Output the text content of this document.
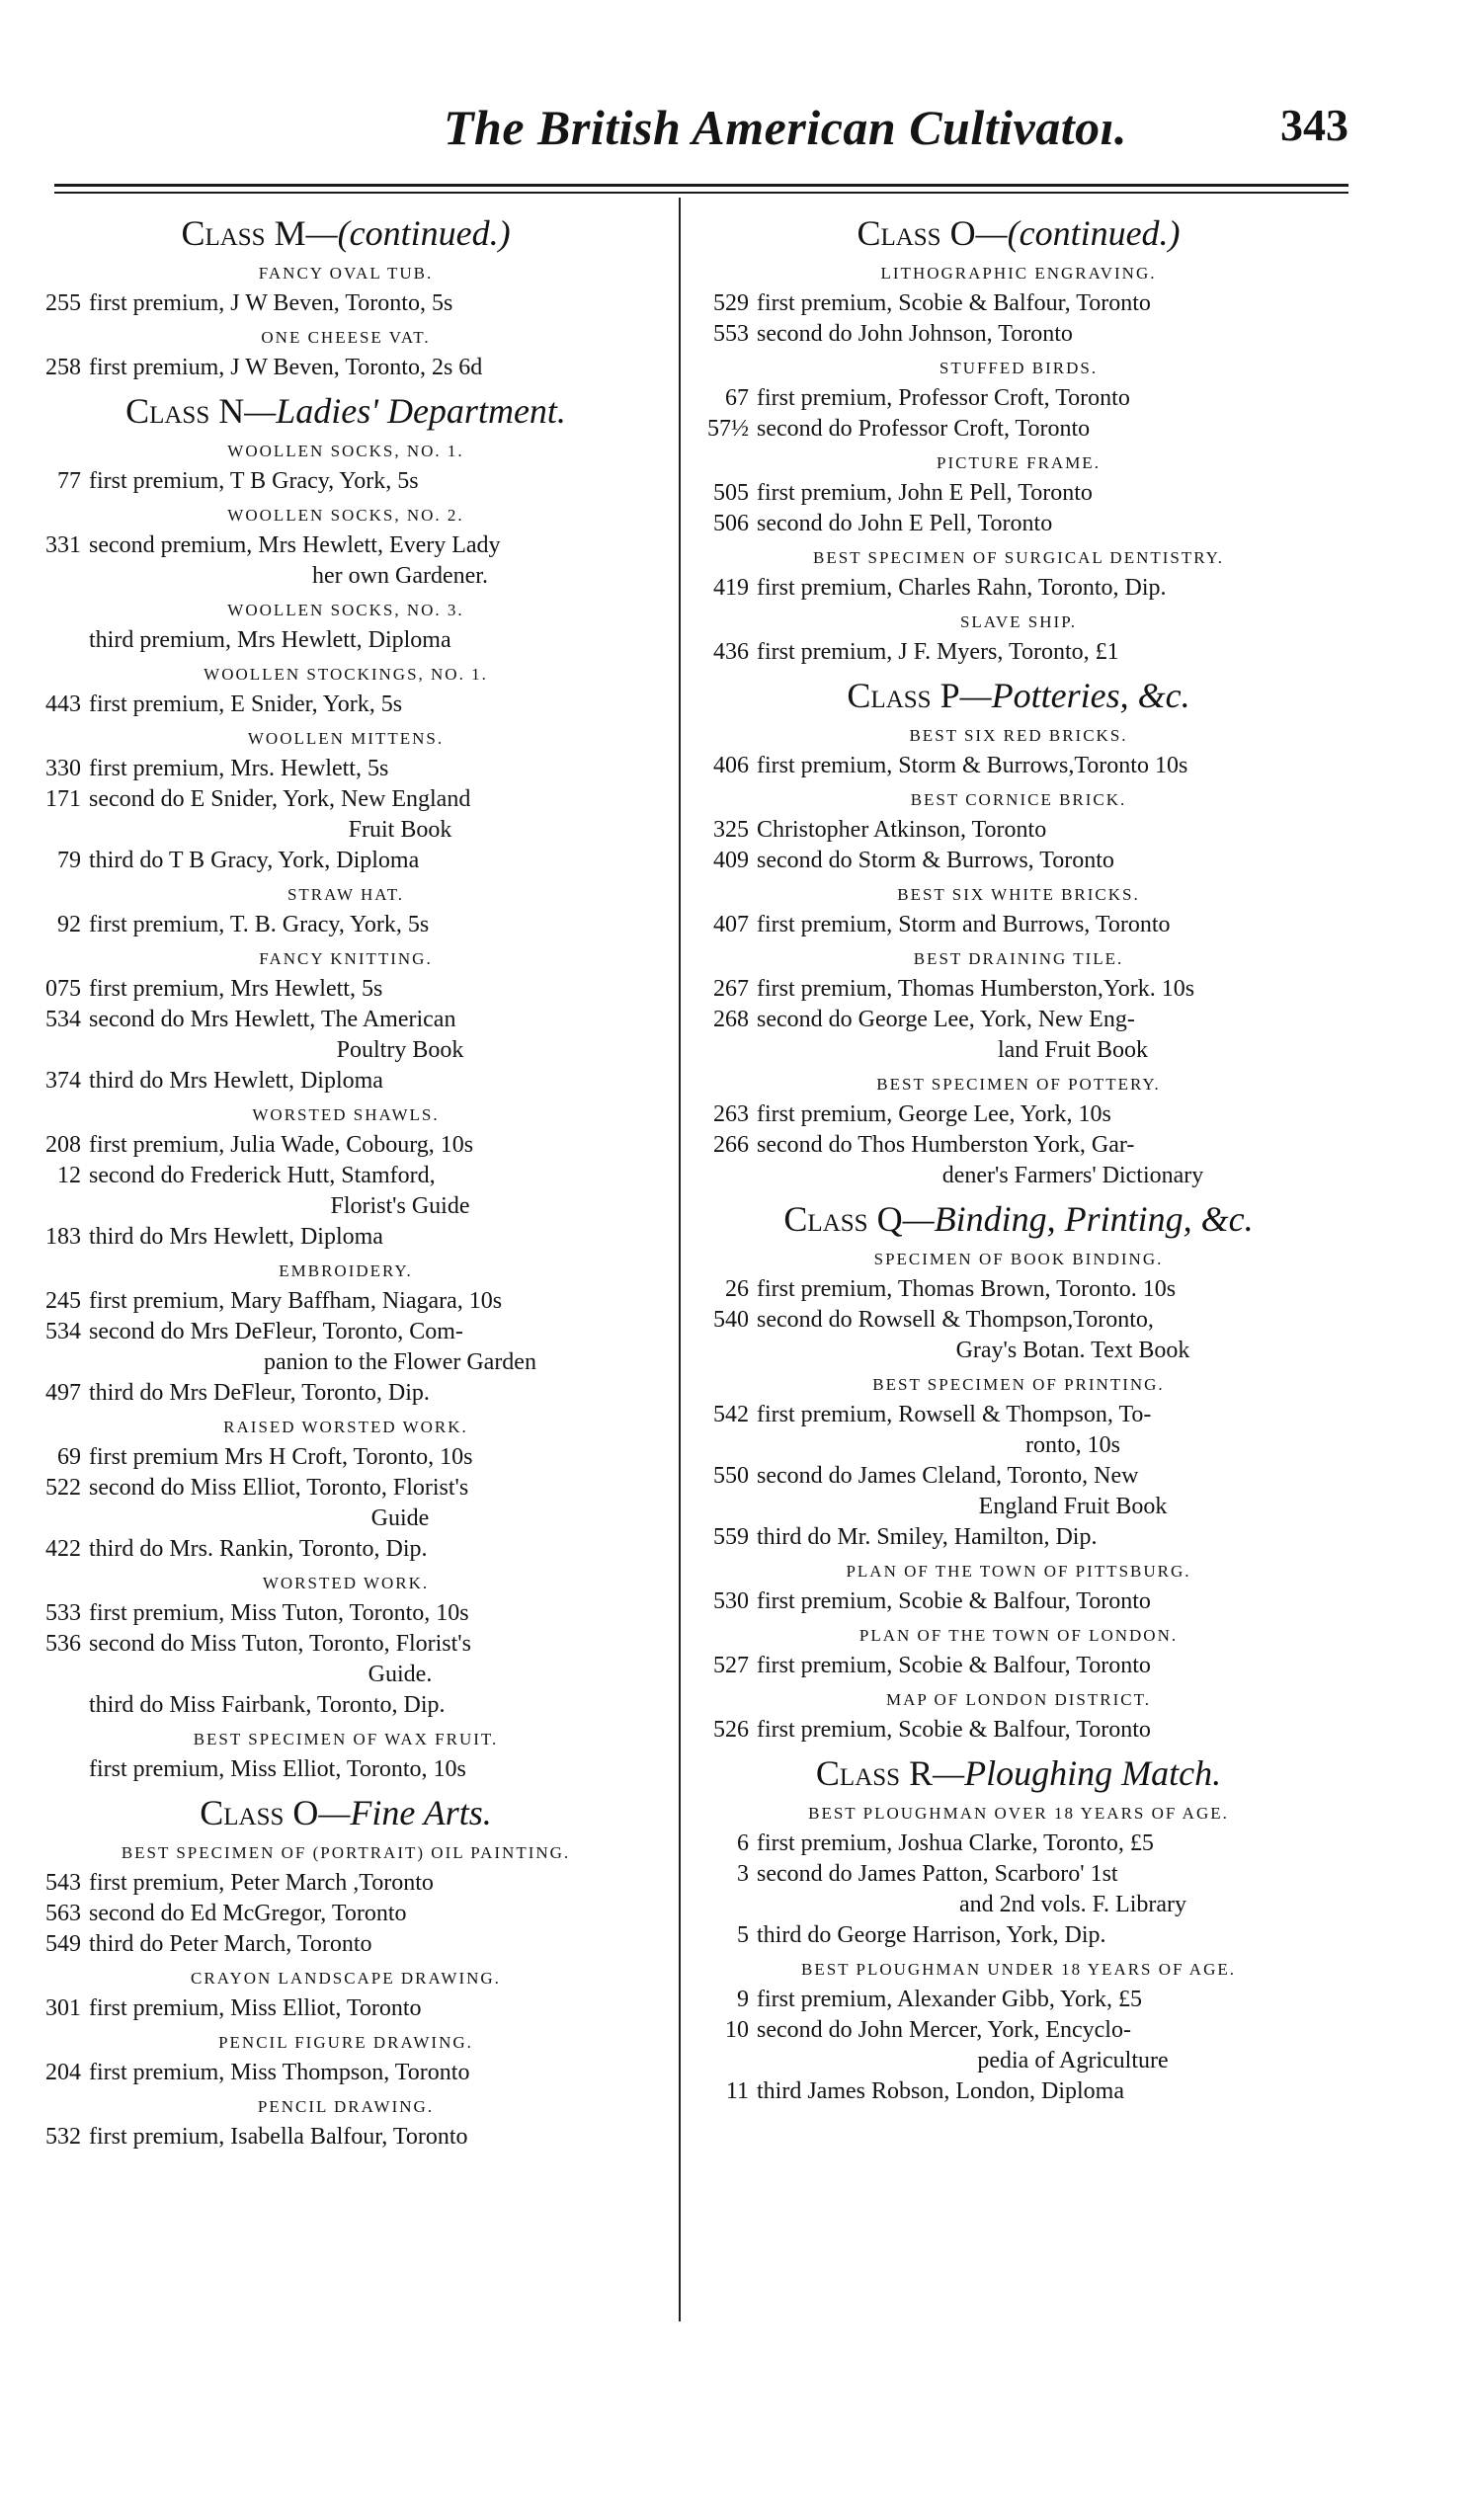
The British American Cultivatoı.	343
Class M—(continued.)
FANCY OVAL TUB.
255 first premium, J W Beven, Toronto, 5s
ONE CHEESE VAT.
258 first premium, J W Beven, Toronto, 2s 6d
Class N—Ladies' Department.
WOOLLEN SOCKS, NO. 1.
77 first premium, T B Gracy, York, 5s
WOOLLEN SOCKS, NO. 2.
331 second premium, Mrs Hewlett, Every Lady
her own Gardener.
WOOLLEN SOCKS, NO. 3.
third premium, Mrs Hewlett, Diploma
WOOLLEN STOCKINGS, NO. 1.
443 first premium, E Snider, York, 5s
WOOLLEN MITTENS.
330 first premium, Mrs. Hewlett, 5s
171 second do E Snider, York, New England
Fruit Book
79 third do T B Gracy, York, Diploma
STRAW HAT.
92 first premium, T. B. Gracy, York, 5s
FANCY KNITTING.
075 first premium, Mrs Hewlett, 5s
534 second do Mrs Hewlett, The American
Poultry Book
374 third do Mrs Hewlett, Diploma
WORSTED SHAWLS.
208 first premium, Julia Wade, Cobourg, 10s
12 second do Frederick Hutt, Stamford,
Florist's Guide
183 third do Mrs Hewlett, Diploma
EMBROIDERY.
245 first premium, Mary Baffham, Niagara, 10s
534 second do Mrs DeFleur, Toronto, Com-
panion to the Flower Garden
497 third do Mrs DeFleur, Toronto, Dip.
RAISED WORSTED WORK.
69 first premium Mrs H Croft, Toronto, 10s
522 second do Miss Elliot, Toronto, Florist's
Guide
422 third do Mrs. Rankin, Toronto, Dip.
WORSTED WORK.
533 first premium, Miss Tuton, Toronto, 10s
536 second do Miss Tuton, Toronto, Florist's
Guide.
third do Miss Fairbank, Toronto, Dip.
BEST SPECIMEN OF WAX FRUIT.
first premium, Miss Elliot, Toronto, 10s
Class O—Fine Arts.
BEST SPECIMEN OF (PORTRAIT) OIL PAINTING.
543 first premium, Peter March ,Toronto
563 second do Ed McGregor, Toronto
549 third do Peter March, Toronto
CRAYON LANDSCAPE DRAWING.
301 first premium, Miss Elliot, Toronto
PENCIL FIGURE DRAWING.
204 first premium, Miss Thompson, Toronto
PENCIL DRAWING.
532 first premium, Isabella Balfour, Toronto
Class O—(continued.)
LITHOGRAPHIC ENGRAVING.
529 first premium, Scobie & Balfour, Toronto
553 second do John Johnson, Toronto
STUFFED BIRDS.
67 first premium, Professor Croft, Toronto
57½ second do Professor Croft, Toronto
PICTURE FRAME.
505 first premium, John E Pell, Toronto
506 second do John E Pell, Toronto
BEST SPECIMEN OF SURGICAL DENTISTRY.
419 first premium, Charles Rahn, Toronto, Dip.
SLAVE SHIP.
436 first premium, J F. Myers, Toronto, £1
Class P—Potteries, &c.
BEST SIX RED BRICKS.
406 first premium, Storm & Burrows,Toronto 10s
BEST CORNICE BRICK.
325 Christopher Atkinson, Toronto
409 second do Storm & Burrows, Toronto
BEST SIX WHITE BRICKS.
407 first premium, Storm and Burrows, Toronto
BEST DRAINING TILE.
267 first premium, Thomas Humberston,York. 10s
268 second do George Lee, York, New Eng-
land Fruit Book
BEST SPECIMEN OF POTTERY.
263 first premium, George Lee, York, 10s
266 second do Thos Humberston York, Gar-
dener's Farmers' Dictionary
Class Q—Binding, Printing, &c.
SPECIMEN OF BOOK BINDING.
26 first premium, Thomas Brown, Toronto. 10s
540 second do Rowsell & Thompson,Toronto,
Gray's Botan. Text Book
BEST SPECIMEN OF PRINTING.
542 first premium, Rowsell & Thompson, To-
ronto, 10s
550 second do James Cleland, Toronto, New
England Fruit Book
559 third do Mr. Smiley, Hamilton, Dip.
PLAN OF THE TOWN OF PITTSBURG.
530 first premium, Scobie & Balfour, Toronto
PLAN OF THE TOWN OF LONDON.
527 first premium, Scobie & Balfour, Toronto
MAP OF LONDON DISTRICT.
526 first premium, Scobie & Balfour, Toronto
Class R—Ploughing Match.
BEST PLOUGHMAN OVER 18 YEARS OF AGE.
6 first premium, Joshua Clarke, Toronto, £5
3 second do James Patton, Scarboro' 1st
and 2nd vols. F. Library
5 third do George Harrison, York, Dip.
BEST PLOUGHMAN UNDER 18 YEARS OF AGE.
9 first premium, Alexander Gibb, York, £5
10 second do John Mercer, York, Encyclo-
pedia of Agriculture
11 third James Robson, London, Diploma
